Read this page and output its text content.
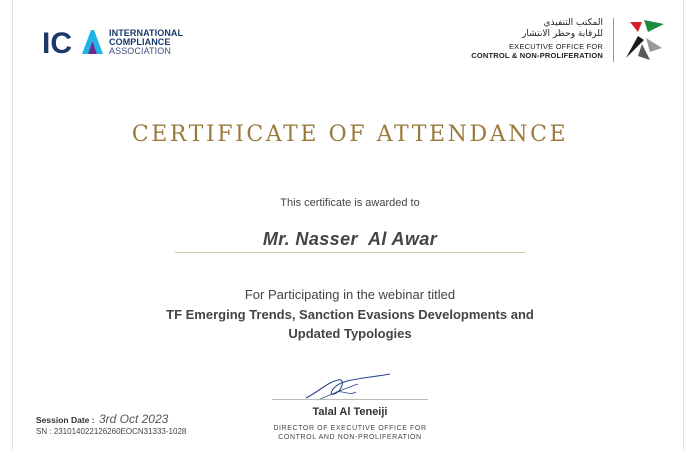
IC	INTERNATIONAL
COMPLIANCE
ASSOCIATION
المكتب التنفيذي
للرقابة وحظر الانتشار
EXECUTIVE OFFICE FOR
CONTROL & NON-PROLIFERATION
CERTIFICATE OF ATTENDANCE
This certificate is awarded to
Mr. Nasser  Al Awar
For Participating in the webinar titled
TF Emerging Trends, Sanction Evasions Developments and
Updated Typologies
Talal Al Teneiji
DIRECTOR OF EXECUTIVE OFFICE FOR
CONTROL AND NON-PROLIFERATION
Session Date : 3rd Oct 2023
SN : 231014022126260EOCN31333-1028
